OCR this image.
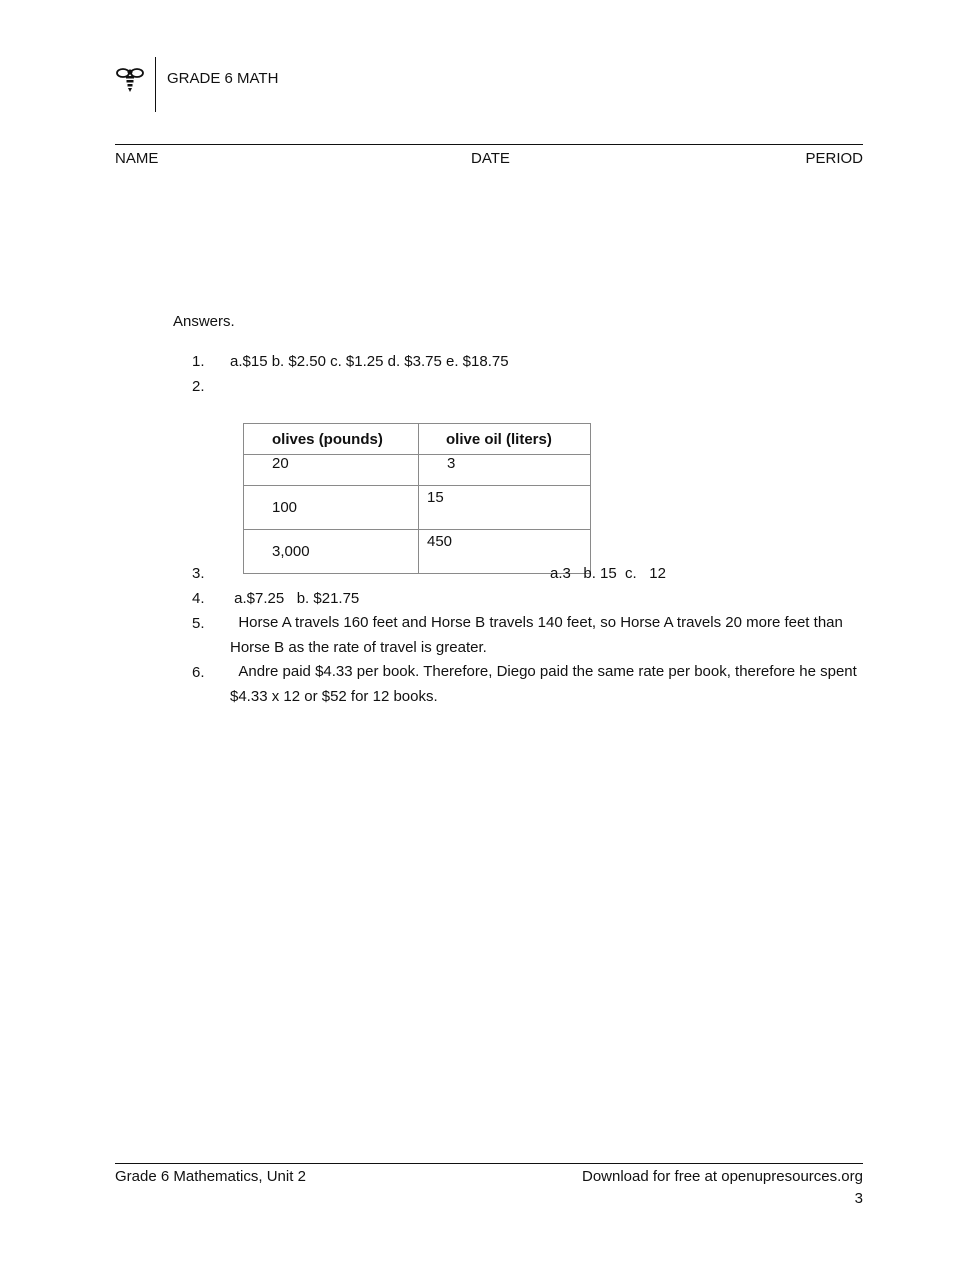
GRADE 6 MATH
NAME	DATE	PERIOD
Answers.
1. a.$15 b. $2.50 c. $1.25 d. $3.75 e. $18.75
2.
olives (pounds)	olive oil (liters)
20	3
100	15
3,000	450
3.	a.3   b. 15  c.   12
4. a.$7.25   b. $21.75
5. Horse A travels 160 feet and Horse B travels 140 feet, so Horse A travels 20 more feet than Horse B as the rate of travel is greater.
6. Andre paid $4.33 per book. Therefore, Diego paid the same rate per book, therefore he spent $4.33 x 12 or $52 for 12 books.
Grade 6 Mathematics, Unit 2	Download for free at openupresources.org
3
